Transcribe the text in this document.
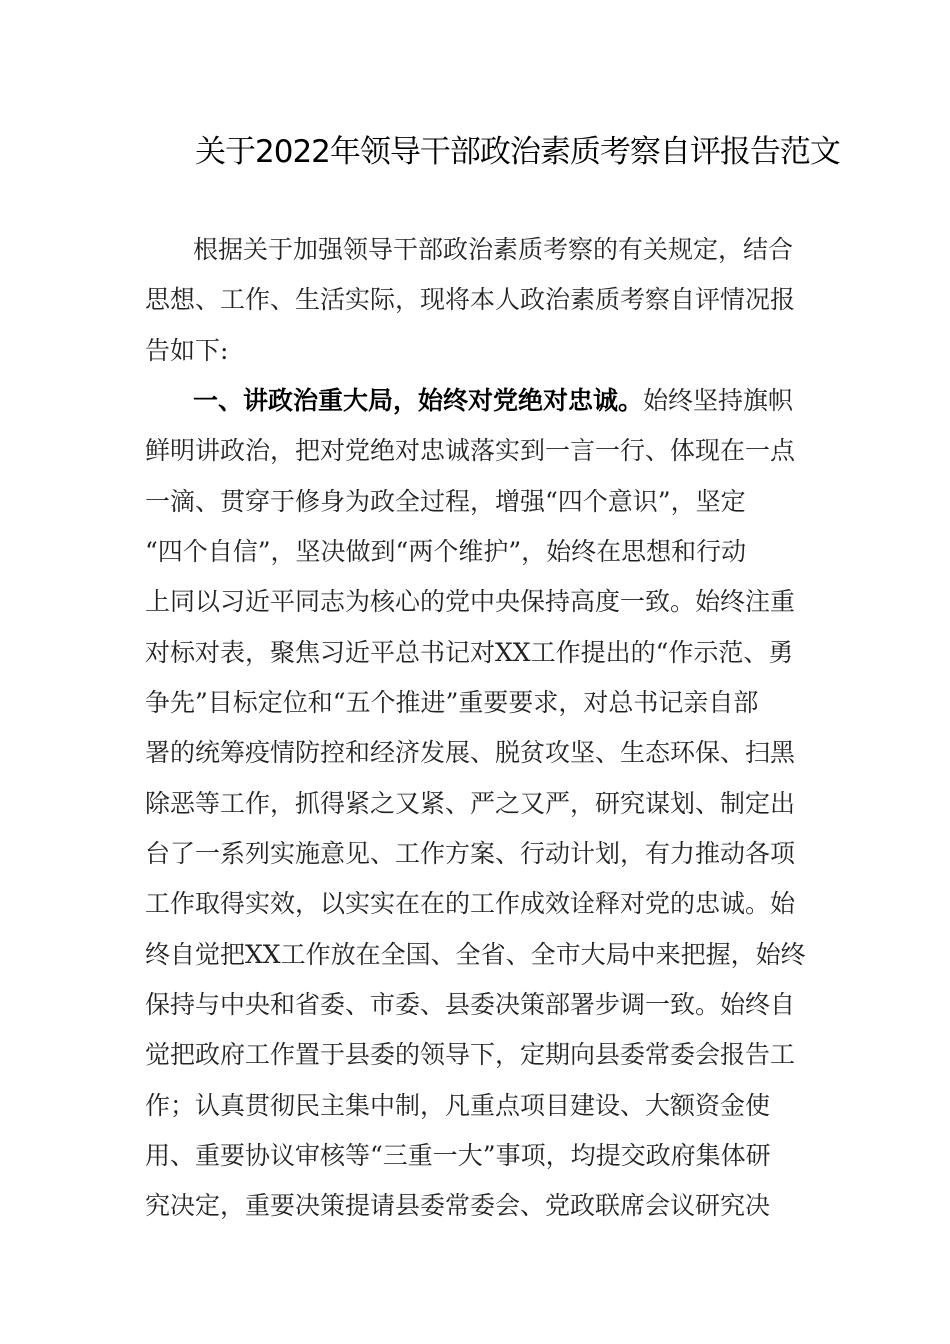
关于2022年领导干部政治素质考察自评报告范文
根据关于加强领导干部政治素质考察的有关规定，结合
思想、工作、生活实际，现将本人政治素质考察自评情况报
告如下:
一、讲政治重大局，始终对党绝对忠诚。始终坚持旗帜
鲜明讲政治，把对党绝对忠诚落实到一言一行、体现在一点
一滴、贯穿于修身为政全过程，增强“四个意识”，坚定
“四个自信”，坚决做到“两个维护”，始终在思想和行动
上同以习近平同志为核心的党中央保持高度一致。始终注重
对标对表，聚焦习近平总书记对XX工作提出的“作示范、勇
争先”目标定位和“五个推进”重要要求，对总书记亲自部
署的统筹疫情防控和经济发展、脱贫攻坚、生态环保、扫黑
除恶等工作，抓得紧之又紧、严之又严，研究谋划、制定出
台了一系列实施意见、工作方案、行动计划，有力推动各项
工作取得实效，以实实在在的工作成效诠释对党的忠诚。始
终自觉把XX工作放在全国、全省、全市大局中来把握，始终
保持与中央和省委、市委、县委决策部署步调一致。始终自
觉把政府工作置于县委的领导下，定期向县委常委会报告工
作；认真贯彻民主集中制，凡重点项目建设、大额资金使
用、重要协议审核等“三重一大”事项，均提交政府集体研
究决定，重要决策提请县委常委会、党政联席会议研究决
